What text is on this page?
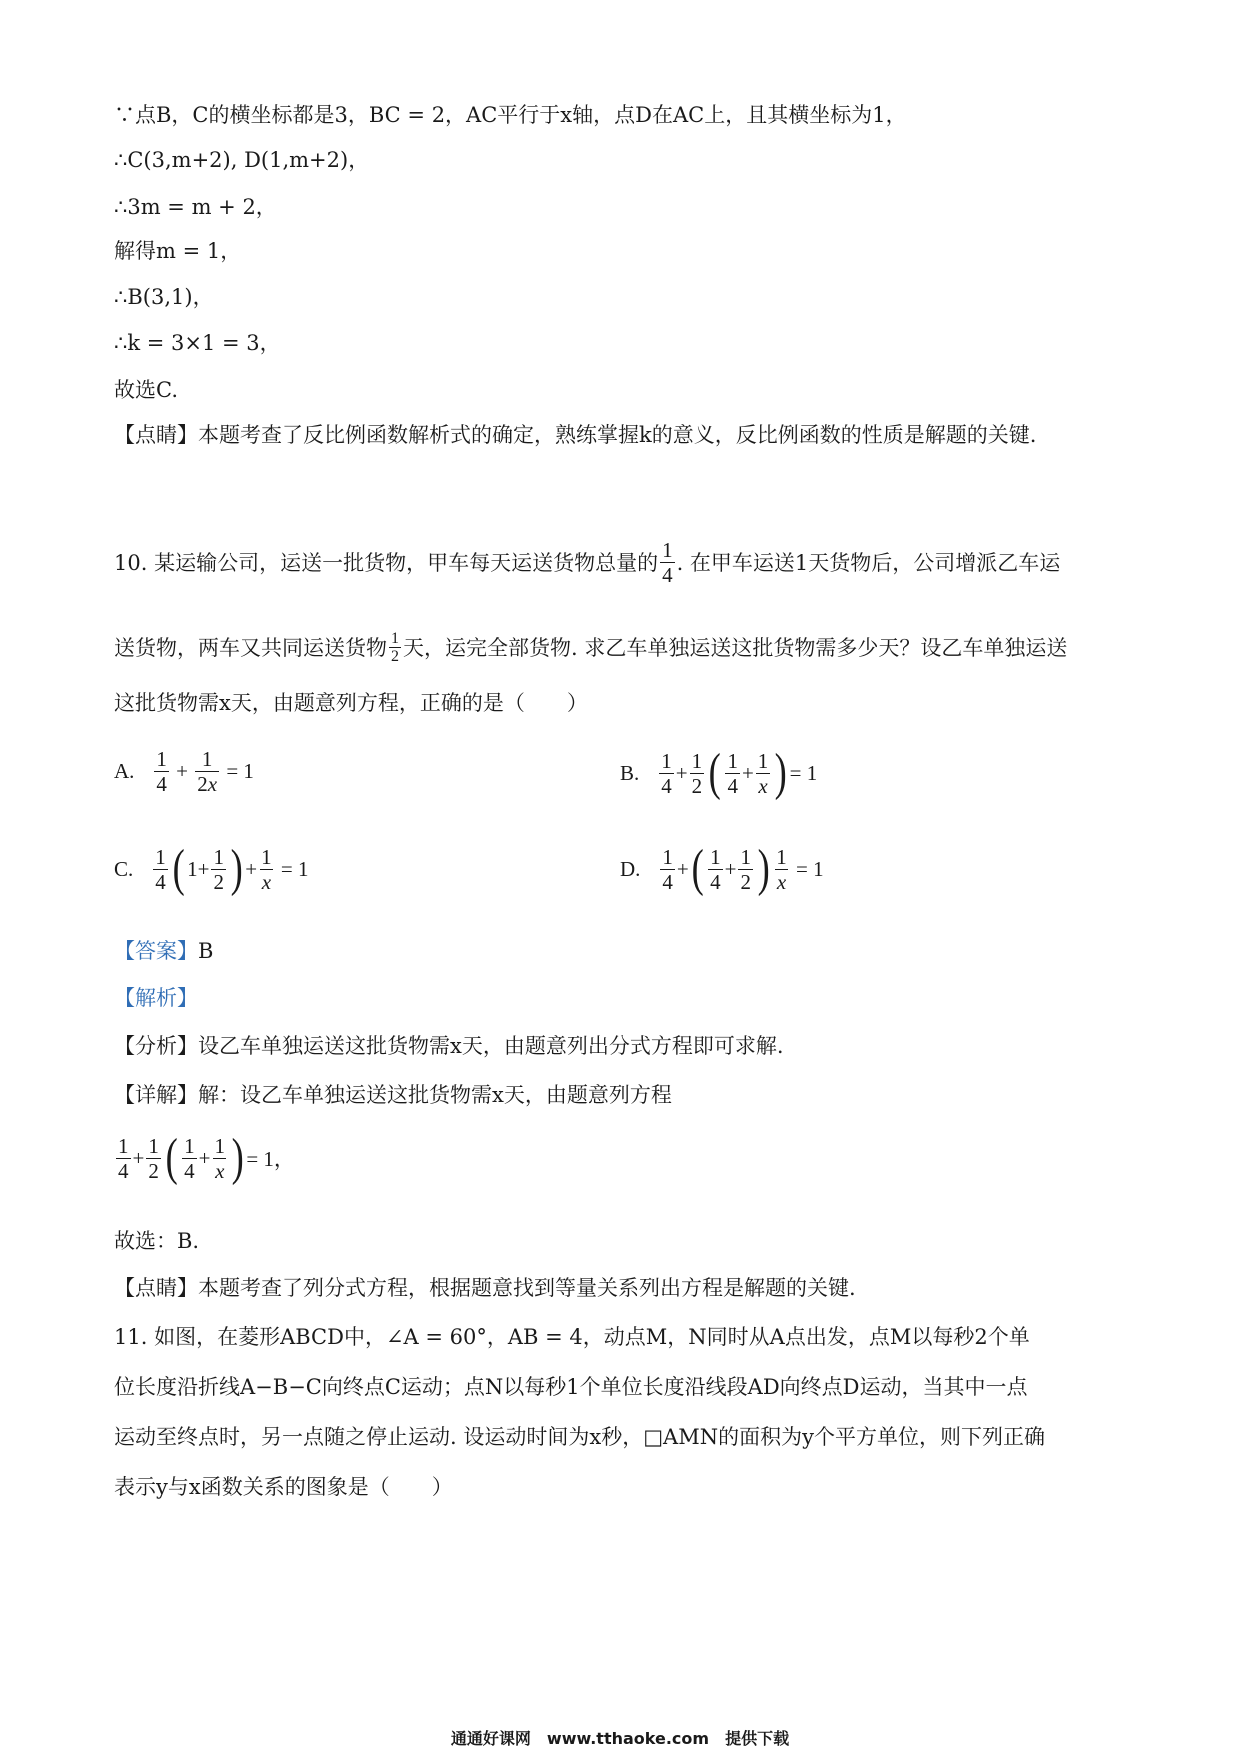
∵点B，C的横坐标都是3，BC = 2，AC平行于x轴，点D在AC上，且其横坐标为1，
∴C(3,m+2), D(1,m+2)，
∴3m = m + 2，
解得m = 1，
∴B(3,1)，
∴k = 3×1 = 3，
故选C.
【点睛】本题考查了反比例函数解析式的确定，熟练掌握k的意义，反比例函数的性质是解题的关键.
10. 某运输公司，运送一批货物，甲车每天运送货物总量的 $\frac{1}{4}$ . 在甲车运送1天货物后，公司增派乙车运
送货物，两车又共同运送货物 $\frac{1}{2}$ 天，运完全部货物. 求乙车单独运送这批货物需多少天？设乙车单独运送
这批货物需x天，由题意列方程，正确的是（　　）
A. $\frac{1}{4} + \frac{1}{2x} = 1$	B. $\frac{1}{4} + \frac{1}{2}$ ( $\frac{1}{4} + \frac{1}{x}$ ) = 1
C. $\frac{1}{4}$ ( $1+ \frac{1}{2}$ ) + $\frac{1}{x} = 1$	D. $\frac{1}{4}$ + ( $\frac{1}{4} + \frac{1}{2}$ ) $\frac{1}{x} = 1$
【答案】B
【解析】
【分析】设乙车单独运送这批货物需x天，由题意列出分式方程即可求解.
【详解】解：设乙车单独运送这批货物需x天，由题意列方程
$\frac{1}{4} + \frac{1}{2}$ ( $\frac{1}{4} + \frac{1}{x}$ ) = 1，
故选：B.
【点睛】本题考查了列分式方程，根据题意找到等量关系列出方程是解题的关键.
11. 如图，在菱形ABCD中，∠A = 60°，AB = 4，动点M，N同时从A点出发，点M以每秒2个单
位长度沿折线A−B−C向终点C运动；点N以每秒1个单位长度沿线段AD向终点D运动，当其中一点
运动至终点时，另一点随之停止运动. 设运动时间为x秒，□AMN的面积为y个平方单位，则下列正确
表示y与x函数关系的图象是（　　）
通通好课网　www.tthaoke.com　提供下载
